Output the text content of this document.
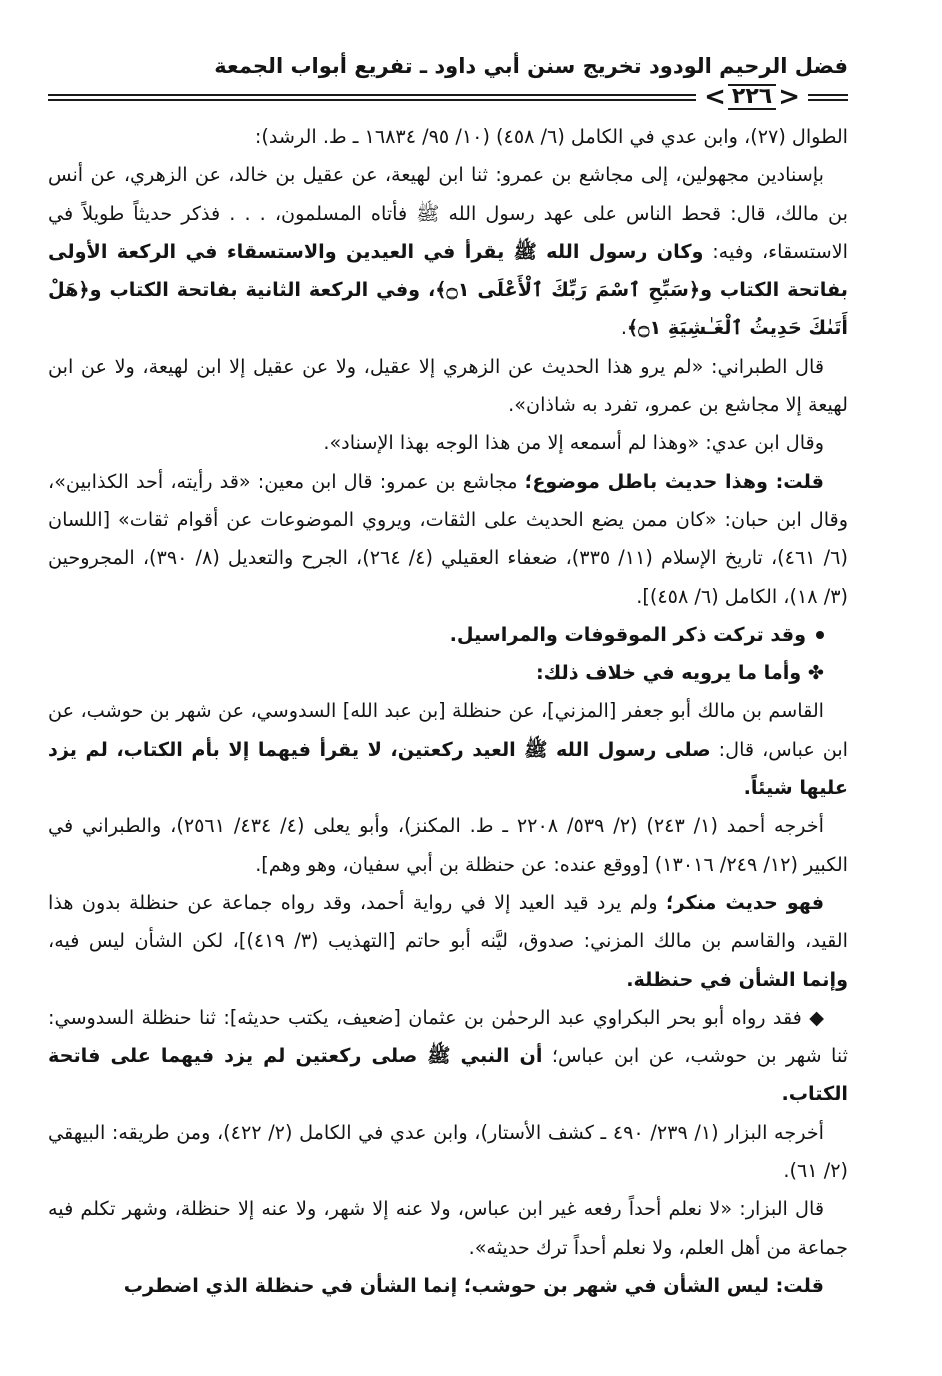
فضل الرحيم الودود تخريج سنن أبي داود ـ تفريع أبواب الجمعة
< ٢٢٦ >

الطوال (٢٧)، وابن عدي في الكامل (٦/ ٤٥٨) (١٠/ ٩٥/ ١٦٨٣٤ ـ ط. الرشد):

بإسنادين مجهولين، إلى مجاشع بن عمرو: ثنا ابن لهيعة، عن عقيل بن خالد، عن الزهري، عن أنس بن مالك، قال: قحط الناس على عهد رسول الله ﷺ فأتاه المسلمون، . . . فذكر حديثاً طويلاً في الاستسقاء، وفيه: وكان رسول الله ﷺ يقرأ في العيدين والاستسقاء في الركعة الأولى بفاتحة الكتاب و﴿سَبِّحِ ٱسْمَ رَبِّكَ ٱلْأَعْلَى ۝١﴾، وفي الركعة الثانية بفاتحة الكتاب و﴿هَلْ أَتَىٰكَ حَدِيثُ ٱلْغَـٰشِيَةِ ۝١﴾.

قال الطبراني: «لم يرو هذا الحديث عن الزهري إلا عقيل، ولا عن عقيل إلا ابن لهيعة، ولا عن ابن لهيعة إلا مجاشع بن عمرو، تفرد به شاذان».

وقال ابن عدي: «وهذا لم أسمعه إلا من هذا الوجه بهذا الإسناد».

قلت: وهذا حديث باطل موضوع؛ مجاشع بن عمرو: قال ابن معين: «قد رأيته، أحد الكذابين»، وقال ابن حبان: «كان ممن يضع الحديث على الثقات، ويروي الموضوعات عن أقوام ثقات» [اللسان (٦/ ٤٦١)، تاريخ الإسلام (١١/ ٣٣٥)، ضعفاء العقيلي (٤/ ٢٦٤)، الجرح والتعديل (٨/ ٣٩٠)، المجروحين (٣/ ١٨)، الكامل (٦/ ٤٥٨)].

وقد تركت ذكر الموقوفات والمراسيل.

✤ وأما ما يرويه في خلاف ذلك:

القاسم بن مالك أبو جعفر [المزني]، عن حنظلة [بن عبد الله] السدوسي، عن شهر بن حوشب، عن ابن عباس، قال: صلى رسول الله ﷺ العيد ركعتين، لا يقرأ فيهما إلا بأم الكتاب، لم يزد عليها شيئاً.

أخرجه أحمد (١/ ٢٤٣) (٢/ ٥٣٩/ ٢٢٠٨ ـ ط. المكنز)، وأبو يعلى (٤/ ٤٣٤/ ٢٥٦١)، والطبراني في الكبير (١٢/ ٢٤٩/ ١٣٠١٦) [ووقع عنده: عن حنظلة بن أبي سفيان، وهو وهم].

فهو حديث منكر؛ ولم يرد قيد العيد إلا في رواية أحمد، وقد رواه جماعة عن حنظلة بدون هذا القيد، والقاسم بن مالك المزني: صدوق، ليَّنه أبو حاتم [التهذيب (٣/ ٤١٩)]، لكن الشأن ليس فيه، وإنما الشأن في حنظلة.

◆ فقد رواه أبو بحر البكراوي عبد الرحمٰن بن عثمان [ضعيف، يكتب حديثه]: ثنا حنظلة السدوسي: ثنا شهر بن حوشب، عن ابن عباس؛ أن النبي ﷺ صلى ركعتين لم يزد فيهما على فاتحة الكتاب.

أخرجه البزار (١/ ٢٣٩/ ٤٩٠ ـ كشف الأستار)، وابن عدي في الكامل (٢/ ٤٢٢)، ومن طريقه: البيهقي (٢/ ٦١).

قال البزار: «لا نعلم أحداً رفعه غير ابن عباس، ولا عنه إلا شهر، ولا عنه إلا حنظلة، وشهر تكلم فيه جماعة من أهل العلم، ولا نعلم أحداً ترك حديثه».

قلت: ليس الشأن في شهر بن حوشب؛ إنما الشأن في حنظلة الذي اضطرب
